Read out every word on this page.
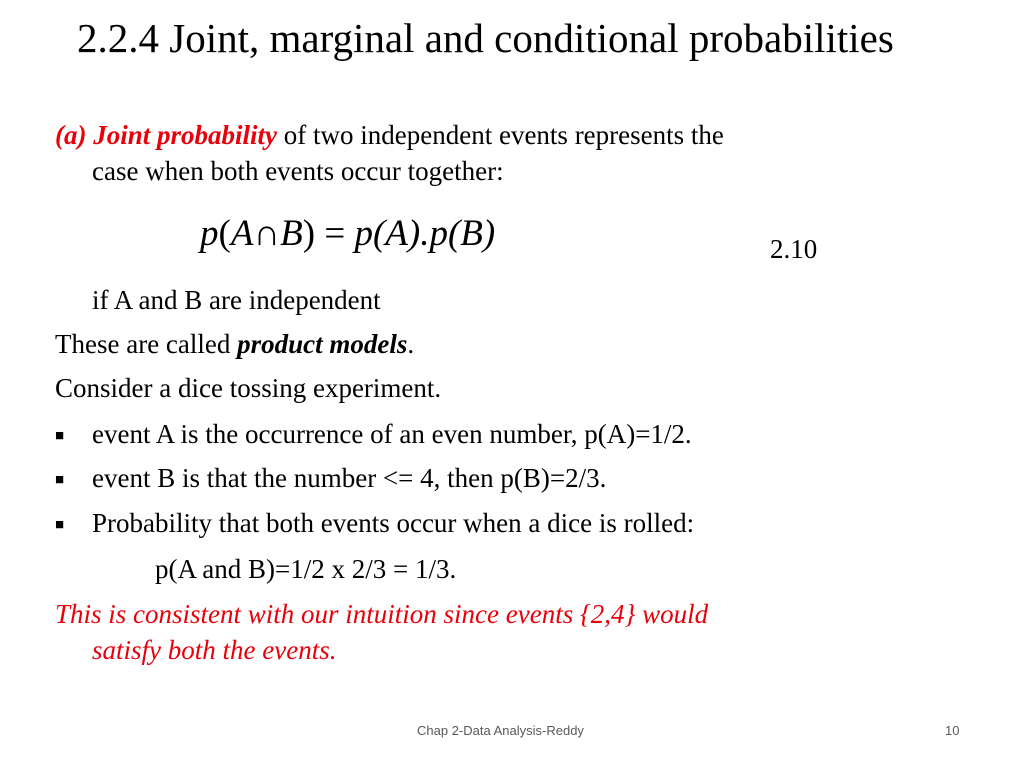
2.2.4 Joint, marginal and conditional probabilities
(a) Joint probability of two independent events represents the
case when both events occur together:
p(A∩B) = p(A).p(B)	2.10
if A and B are independent
These are called product models.
Consider a dice tossing experiment.
■ event A is the occurrence of an even number, p(A)=1/2.
■ event B is that the number <= 4, then p(B)=2/3.
■ Probability that both events occur when a dice is rolled:
p(A and B)=1/2 x 2/3 = 1/3.
This is consistent with our intuition since events {2,4} would
satisfy both the events.
Chap 2-Data Analysis-Reddy	10
